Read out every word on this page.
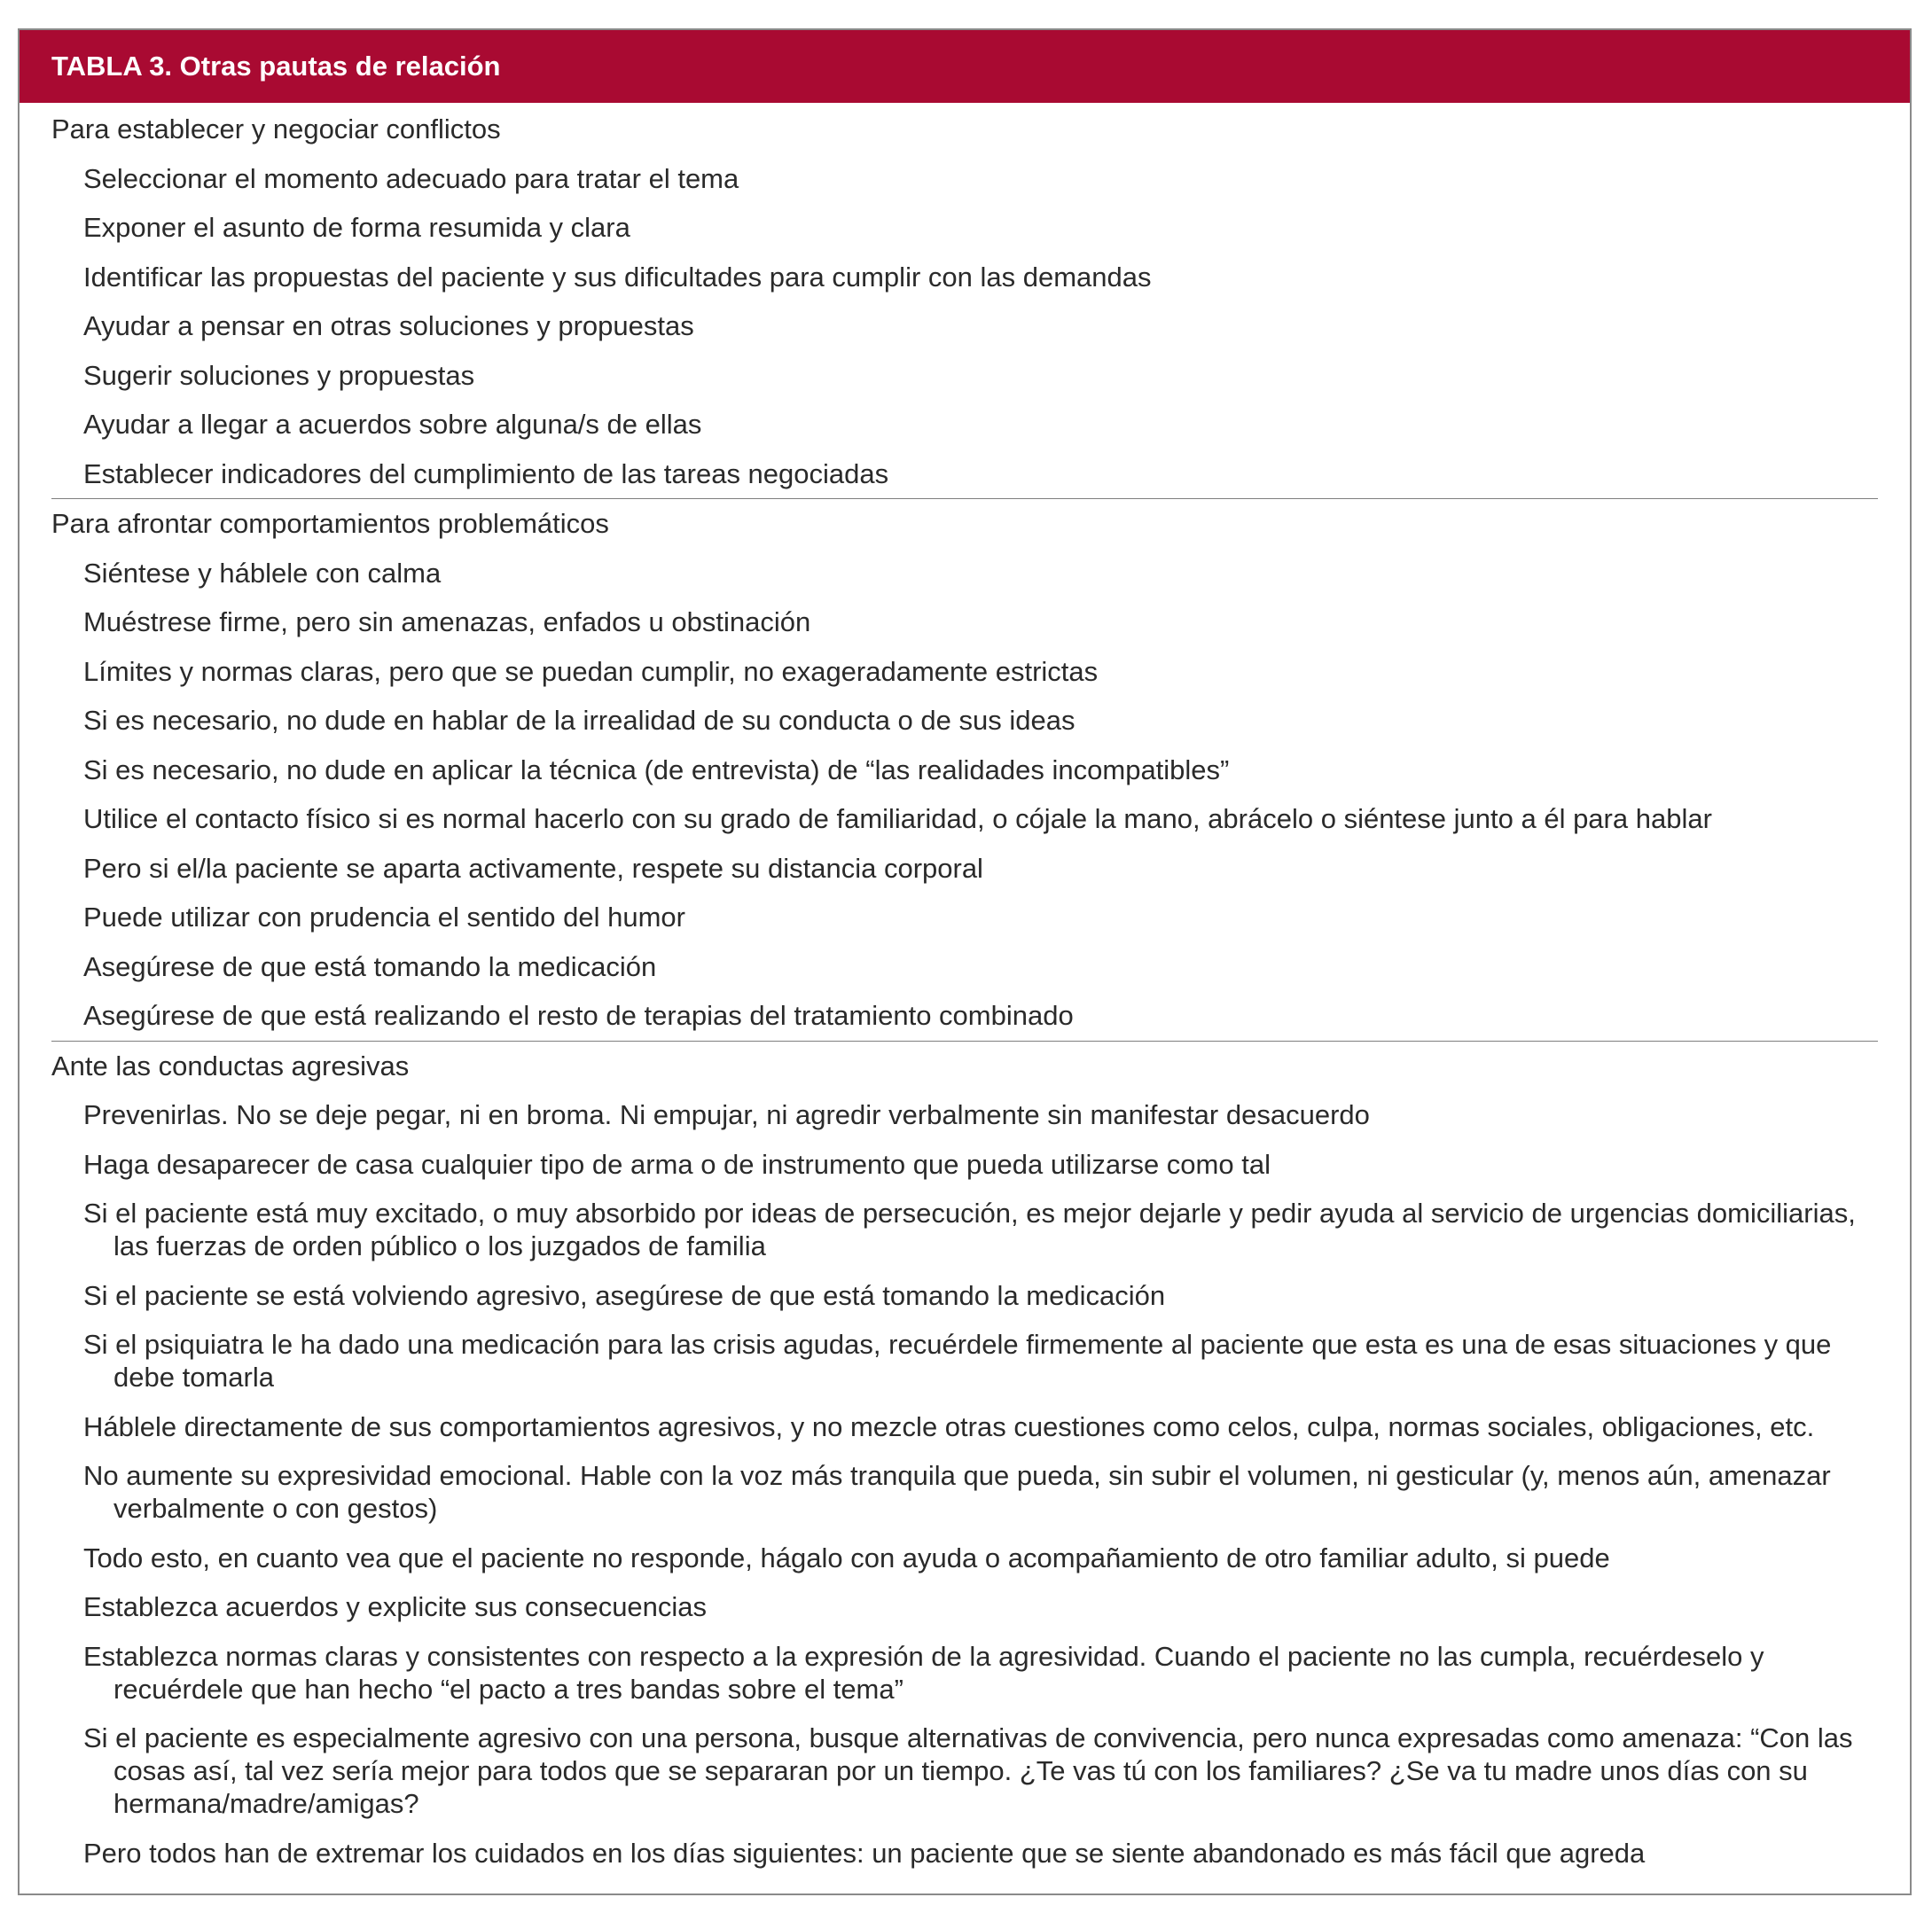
TABLA 3. Otras pautas de relación
Para establecer y negociar conflictos
Seleccionar el momento adecuado para tratar el tema
Exponer el asunto de forma resumida y clara
Identificar las propuestas del paciente y sus dificultades para cumplir con las demandas
Ayudar a pensar en otras soluciones y propuestas
Sugerir soluciones y propuestas
Ayudar a llegar a acuerdos sobre alguna/s de ellas
Establecer indicadores del cumplimiento de las tareas negociadas
Para afrontar comportamientos problemáticos
Siéntese y háblele con calma
Muéstrese firme, pero sin amenazas, enfados u obstinación
Límites y normas claras, pero que se puedan cumplir, no exageradamente estrictas
Si es necesario, no dude en hablar de la irrealidad de su conducta o de sus ideas
Si es necesario, no dude en aplicar la técnica (de entrevista) de “las realidades incompatibles”
Utilice el contacto físico si es normal hacerlo con su grado de familiaridad, o cójale la mano, abrácelo o siéntese junto a él para hablar
Pero si el/la paciente se aparta activamente, respete su distancia corporal
Puede utilizar con prudencia el sentido del humor
Asegúrese de que está tomando la medicación
Asegúrese de que está realizando el resto de terapias del tratamiento combinado
Ante las conductas agresivas
Prevenirlas. No se deje pegar, ni en broma. Ni empujar, ni agredir verbalmente sin manifestar desacuerdo
Haga desaparecer de casa cualquier tipo de arma o de instrumento que pueda utilizarse como tal
Si el paciente está muy excitado, o muy absorbido por ideas de persecución, es mejor dejarle y pedir ayuda al servicio de urgencias domiciliarias, las fuerzas de orden público o los juzgados de familia
Si el paciente se está volviendo agresivo, asegúrese de que está tomando la medicación
Si el psiquiatra le ha dado una medicación para las crisis agudas, recuérdele firmemente al paciente que esta es una de esas situaciones y que debe tomarla
Háblele directamente de sus comportamientos agresivos, y no mezcle otras cuestiones como celos, culpa, normas sociales, obligaciones, etc.
No aumente su expresividad emocional. Hable con la voz más tranquila que pueda, sin subir el volumen, ni gesticular (y, menos aún, amenazar verbalmente o con gestos)
Todo esto, en cuanto vea que el paciente no responde, hágalo con ayuda o acompañamiento de otro familiar adulto, si puede
Establezca acuerdos y explicite sus consecuencias
Establezca normas claras y consistentes con respecto a la expresión de la agresividad. Cuando el paciente no las cumpla, recuérdeselo y recuérdele que han hecho “el pacto a tres bandas sobre el tema”
Si el paciente es especialmente agresivo con una persona, busque alternativas de convivencia, pero nunca expresadas como amenaza: “Con las cosas así, tal vez sería mejor para todos que se separaran por un tiempo. ¿Te vas tú con los familiares? ¿Se va tu madre unos días con su hermana/madre/amigas?
Pero todos han de extremar los cuidados en los días siguientes: un paciente que se siente abandonado es más fácil que agreda
